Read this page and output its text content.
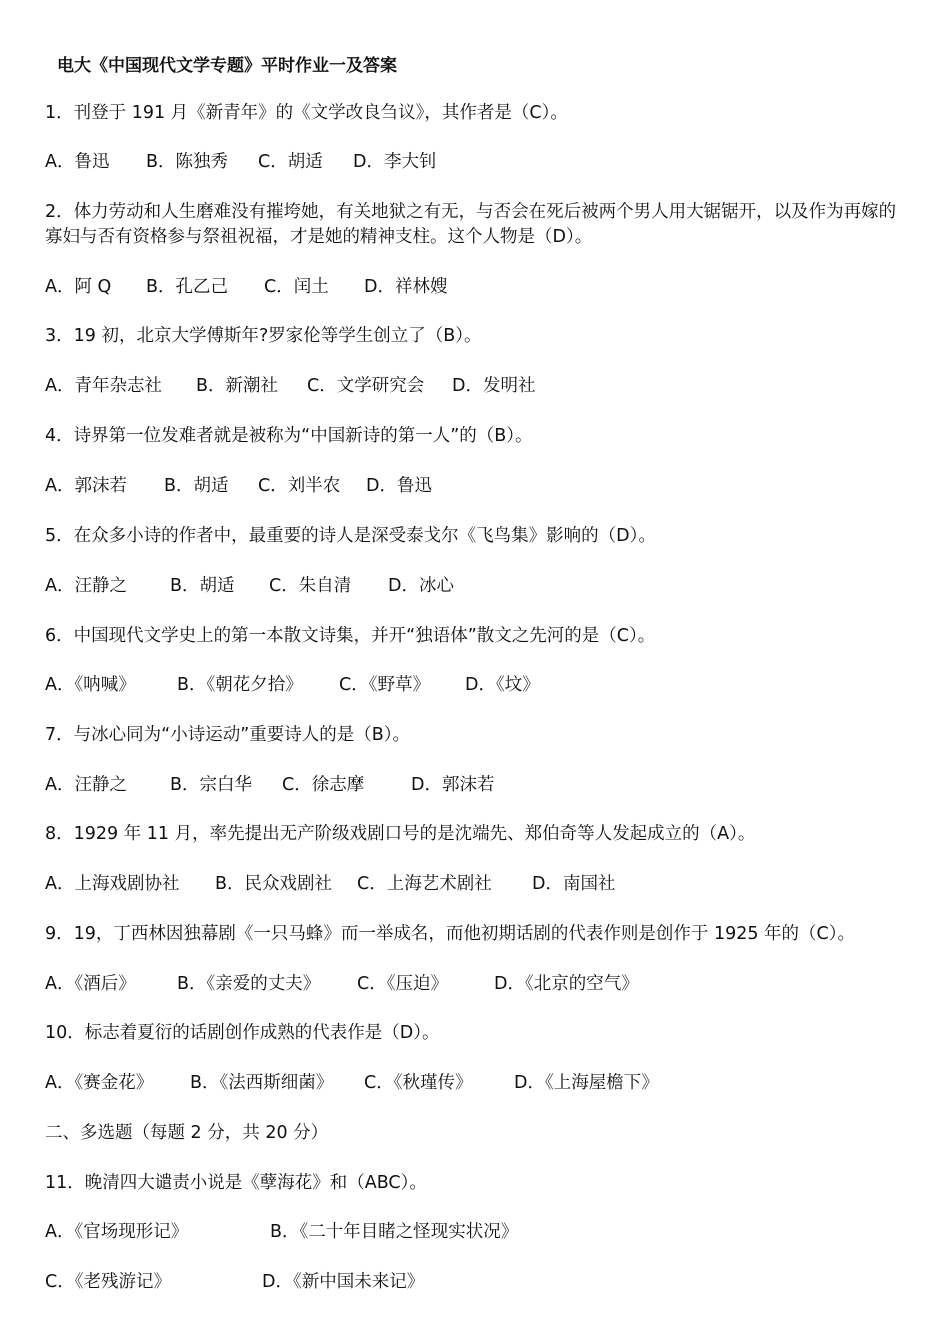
电大《中国现代文学专题》平时作业一及答案
1．刊登于 191 月《新青年》的《文学改良刍议》，其作者是（C）。
A．鲁迅 B．陈独秀 C．胡适 D．李大钊
2．体力劳动和人生磨难没有摧垮她，有关地狱之有无，与否会在死后被两个男人用大锯锯开，以及作为再嫁的寡妇与否有资格参与祭祖祝福，才是她的精神支柱。这个人物是（D）。
A．阿 Q B．孔乙己 C．闰土 D．祥林嫂
3．19 初，北京大学傅斯年?罗家伦等学生创立了（B）。
A．青年杂志社 B．新潮社 C．文学研究会 D．发明社
4．诗界第一位发难者就是被称为“中国新诗的第一人”的（B）。
A．郭沫若 B．胡适 C．刘半农 D．鲁迅
5．在众多小诗的作者中，最重要的诗人是深受泰戈尔《飞鸟集》影响的（D）。
A．汪静之 B．胡适 C．朱自清 D．冰心
6．中国现代文学史上的第一本散文诗集，并开“独语体”散文之先河的是（C）。
A．《呐喊》 B．《朝花夕拾》 C．《野草》 D．《坟》
7．与冰心同为“小诗运动”重要诗人的是（B）。
A．汪静之 B．宗白华 C．徐志摩	D．郭沫若
8．1929 年 11 月，率先提出无产阶级戏剧口号的是沈端先、郑伯奇等人发起成立的（A）。
A．上海戏剧协社 B．民众戏剧社 C．上海艺术剧社 D．南国社
9．19，丁西林因独幕剧《一只马蜂》而一举成名，而他初期话剧的代表作则是创作于 1925 年的（C）。
A．《酒后》 B．《亲爱的丈夫》 C．《压迫》	D．《北京的空气》
10．标志着夏衍的话剧创作成熟的代表作是（D）。
A．《赛金花》 B．《法西斯细菌》 C．《秋瑾传》 D．《上海屋檐下》
二、多选题（每题 2 分，共 20 分）
11．晚清四大谴责小说是《孽海花》和（ABC）。
A．《官场现形记》	B．《二十年目睹之怪现实状况》
C．《老残游记》	D．《新中国未来记》
